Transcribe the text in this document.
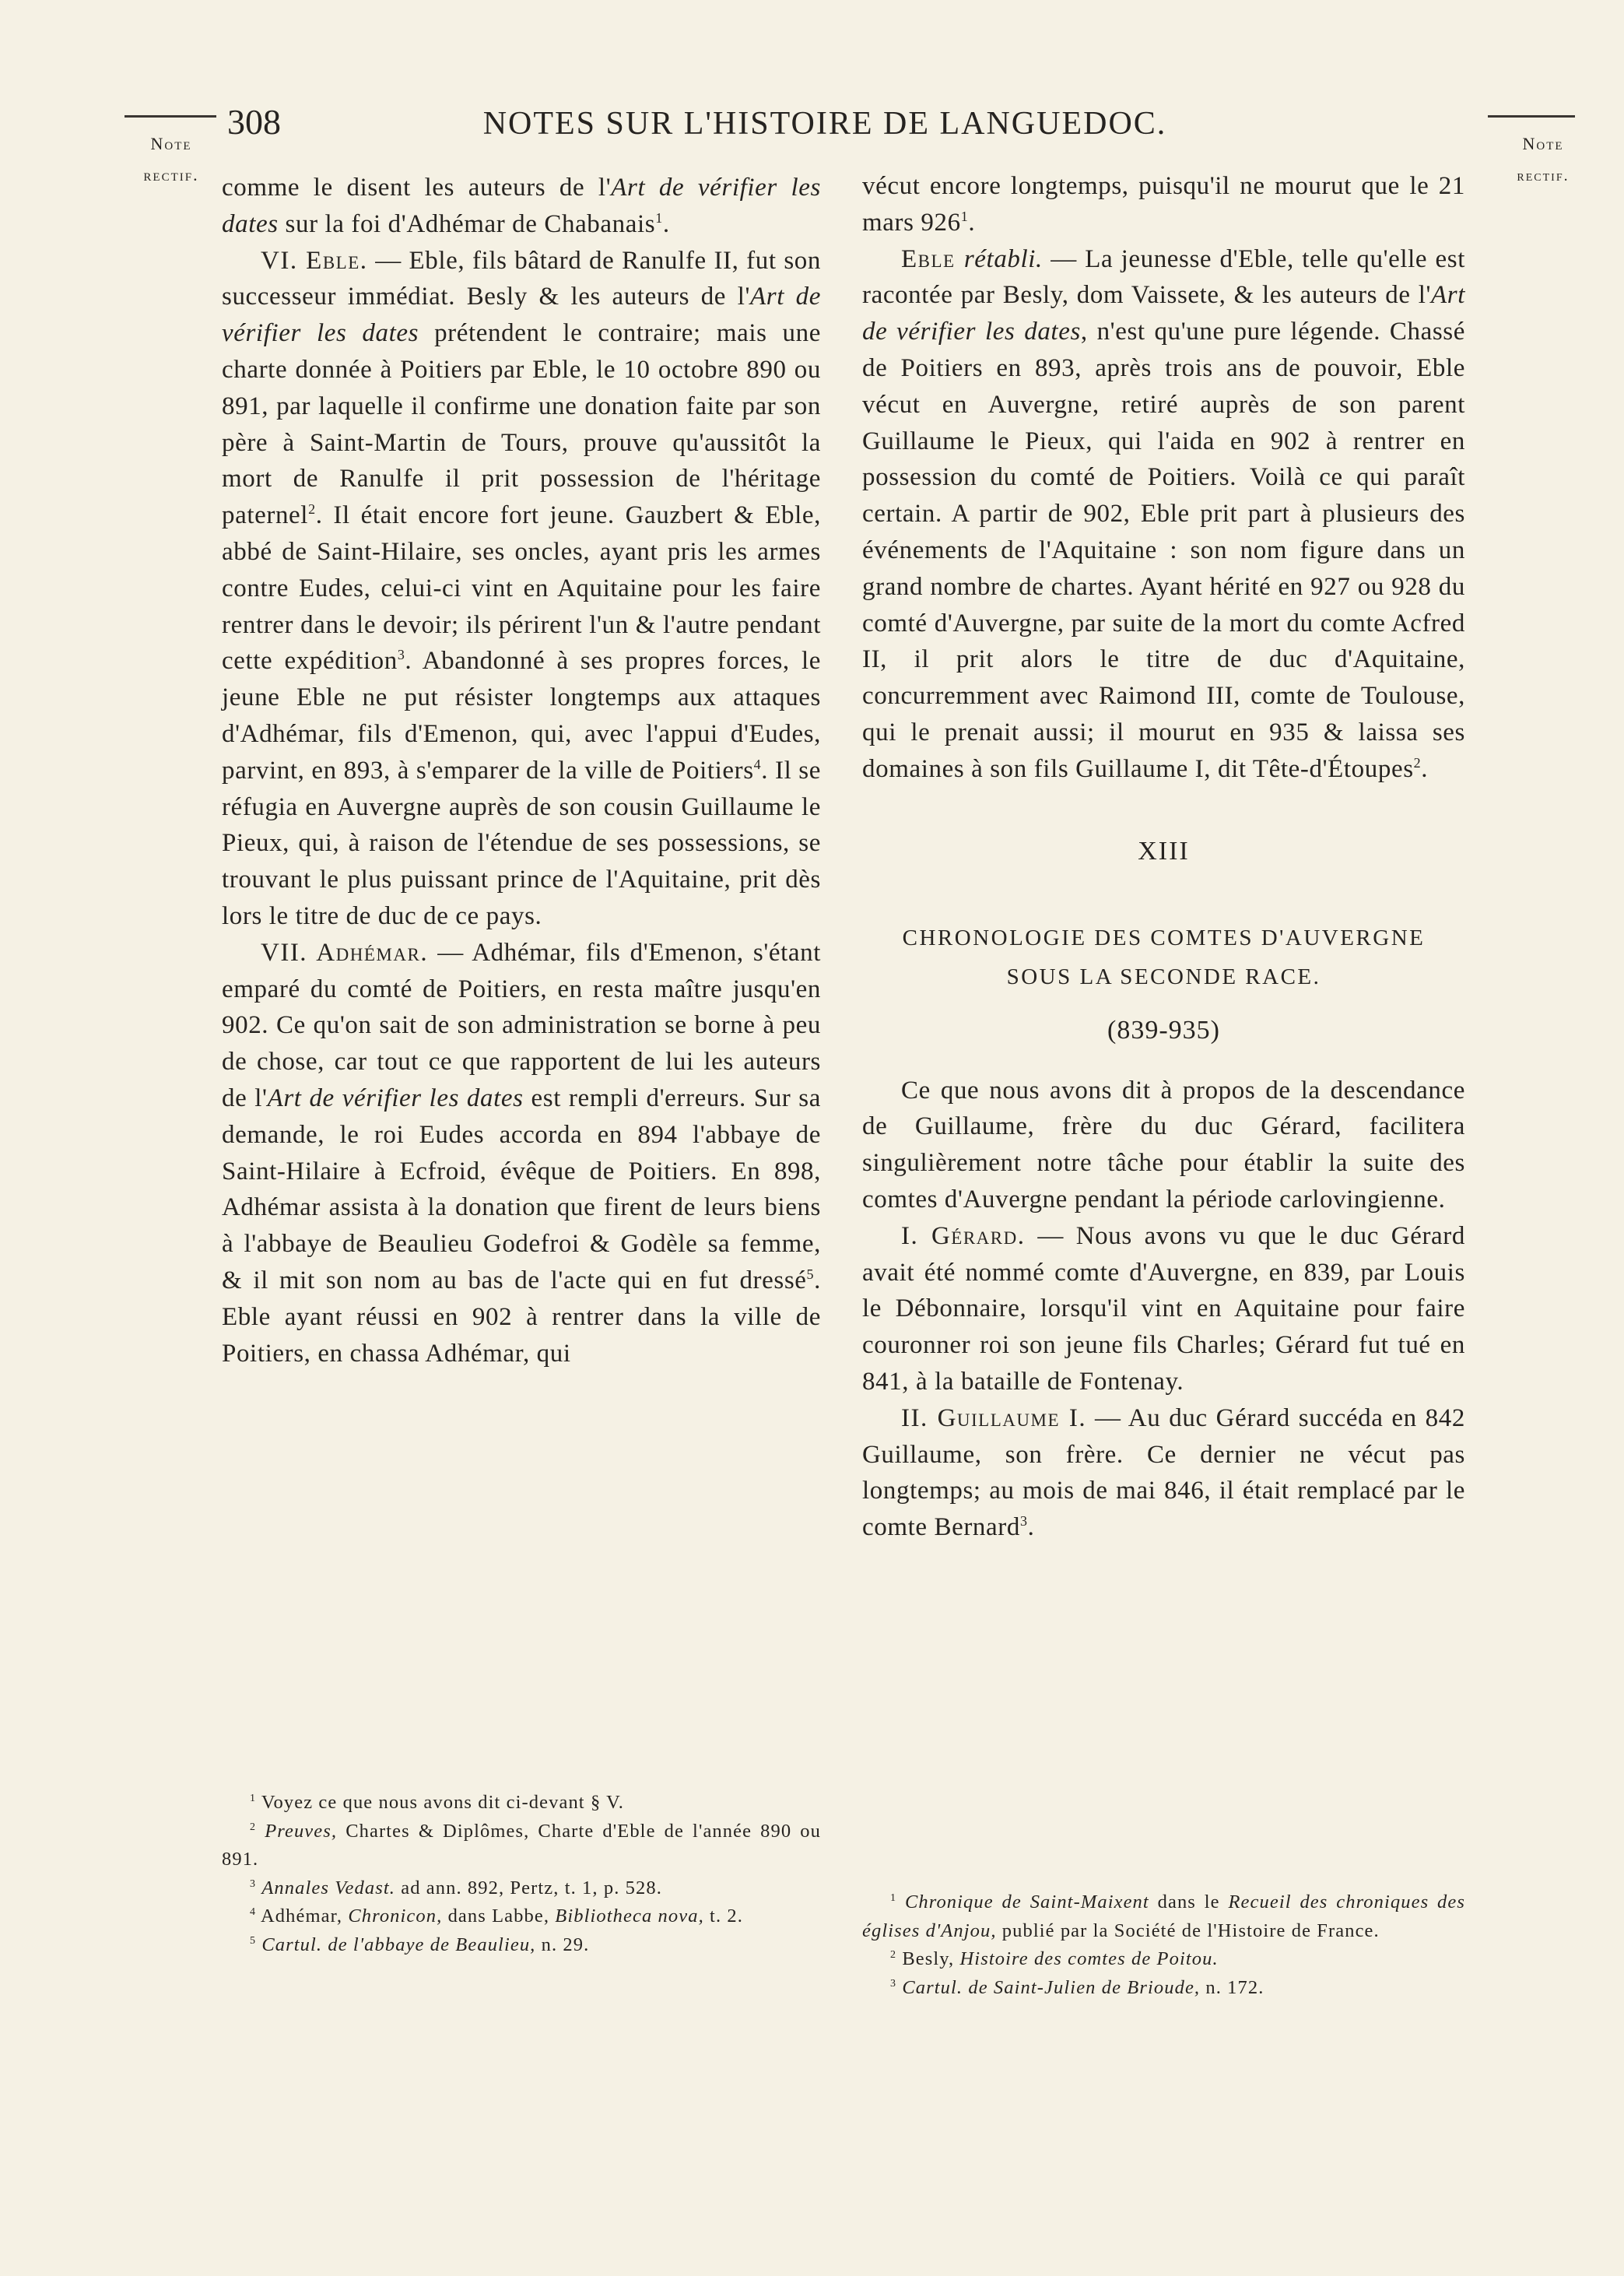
308	NOTES SUR L'HISTOIRE DE LANGUEDOC.
Note
rectif.
Note
rectif.

comme le disent les auteurs de l'Art de vérifier les dates sur la foi d'Adhémar de Chabanais$^1$.

VI. Eble. — Eble, fils bâtard de Ranulfe II, fut son successeur immédiat. Besly & les auteurs de l'Art de vérifier les dates prétendent le contraire; mais une charte donnée à Poitiers par Eble, le 10 octobre 890 ou 891, par laquelle il confirme une donation faite par son père à Saint-Martin de Tours, prouve qu'aussitôt la mort de Ranulfe il prit possession de l'héritage paternel$^2$. Il était encore fort jeune. Gauzbert & Eble, abbé de Saint-Hilaire, ses oncles, ayant pris les armes contre Eudes, celui-ci vint en Aquitaine pour les faire rentrer dans le devoir; ils périrent l'un & l'autre pendant cette expédition$^3$. Abandonné à ses propres forces, le jeune Eble ne put résister longtemps aux attaques d'Adhémar, fils d'Emenon, qui, avec l'appui d'Eudes, parvint, en 893, à s'emparer de la ville de Poitiers$^4$. Il se réfugia en Auvergne auprès de son cousin Guillaume le Pieux, qui, à raison de l'étendue de ses possessions, se trouvant le plus puissant prince de l'Aquitaine, prit dès lors le titre de duc de ce pays.

VII. Adhémar. — Adhémar, fils d'Emenon, s'étant emparé du comté de Poitiers, en resta maître jusqu'en 902. Ce qu'on sait de son administration se borne à peu de chose, car tout ce que rapportent de lui les auteurs de l'Art de vérifier les dates est rempli d'erreurs. Sur sa demande, le roi Eudes accorda en 894 l'abbaye de Saint-Hilaire à Ecfroid, évêque de Poitiers. En 898, Adhémar assista à la donation que firent de leurs biens à l'abbaye de Beaulieu Godefroi & Godèle sa femme, & il mit son nom au bas de l'acte qui en fut dressé$^5$. Eble ayant réussi en 902 à rentrer dans la ville de Poitiers, en chassa Adhémar, qui

$^1$ Voyez ce que nous avons dit ci-devant § V.

$^2$ Preuves, Chartes & Diplômes, Charte d'Eble de l'année 890 ou 891.

$^3$ Annales Vedast. ad ann. 892, Pertz, t. 1, p. 528.

$^4$ Adhémar, Chronicon, dans Labbe, Bibliotheca nova, t. 2.

$^5$ Cartul. de l'abbaye de Beaulieu, n. 29.

vécut encore longtemps, puisqu'il ne mourut que le 21 mars $926^1$.

Eble rétabli. — La jeunesse d'Eble, telle qu'elle est racontée par Besly, dom Vaissete, & les auteurs de l'Art de vérifier les dates, n'est qu'une pure légende. Chassé de Poitiers en 893, après trois ans de pouvoir, Eble vécut en Auvergne, retiré auprès de son parent Guillaume le Pieux, qui l'aida en 902 à rentrer en possession du comté de Poitiers. Voilà ce qui paraît certain. A partir de 902, Eble prit part à plusieurs des événements de l'Aquitaine : son nom figure dans un grand nombre de chartes. Ayant hérité en 927 ou 928 du comté d'Auvergne, par suite de la mort du comte Acfred II, il prit alors le titre de duc d'Aquitaine, concurremment avec Raimond III, comte de Toulouse, qui le prenait aussi; il mourut en 935 & laissa ses domaines à son fils Guillaume I, dit Tête-d'Étoupes$^2$.

XIII
CHRONOLOGIE DES COMTES D'AUVERGNE
SOUS LA SECONDE RACE.
(839-935)

Ce que nous avons dit à propos de la descendance de Guillaume, frère du duc Gérard, facilitera singulièrement notre tâche pour établir la suite des comtes d'Auvergne pendant la période carlovingienne.

I. Gérard. — Nous avons vu que le duc Gérard avait été nommé comte d'Auvergne, en 839, par Louis le Débonnaire, lorsqu'il vint en Aquitaine pour faire couronner roi son jeune fils Charles; Gérard fut tué en 841, à la bataille de Fontenay.

II. Guillaume I. — Au duc Gérard succéda en 842 Guillaume, son frère. Ce dernier ne vécut pas longtemps; au mois de mai 846, il était remplacé par le comte Bernard$^3$.

$^1$ Chronique de Saint-Maixent dans le Recueil des chroniques des églises d'Anjou, publié par la Société de l'Histoire de France.

$^2$ Besly, Histoire des comtes de Poitou.

$^3$ Cartul. de Saint-Julien de Brioude, n. 172.
